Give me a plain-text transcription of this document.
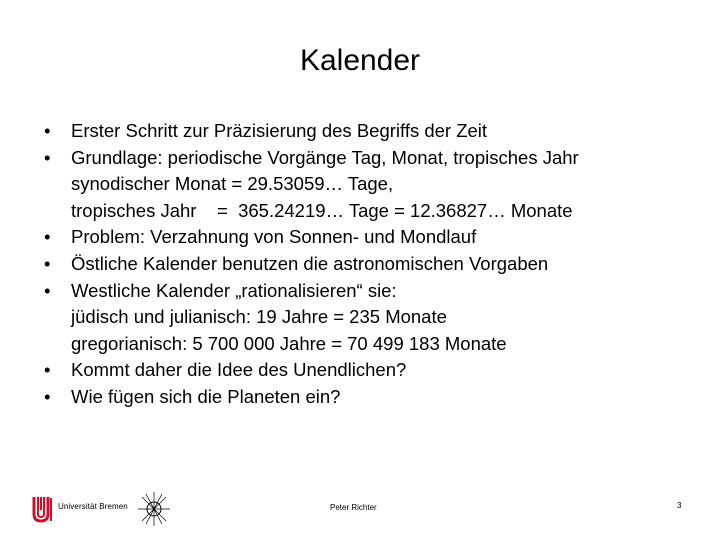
Kalender
• Erster Schritt zur Präzisierung des Begriffs der Zeit
• Grundlage: periodische Vorgänge Tag, Monat, tropisches Jahr
synodischer Monat = 29.53059… Tage,
tropisches Jahr    =  365.24219… Tage = 12.36827… Monate
• Problem: Verzahnung von Sonnen- und Mondlauf
• Östliche Kalender benutzen die astronomischen Vorgaben
• Westliche Kalender „rationalisieren“ sie:
jüdisch und julianisch: 19 Jahre = 235 Monate
gregorianisch: 5 700 000 Jahre = 70 499 183 Monate
• Kommt daher die Idee des Unendlichen?
• Wie fügen sich die Planeten ein?
Universität Bremen	Peter Richter	3
